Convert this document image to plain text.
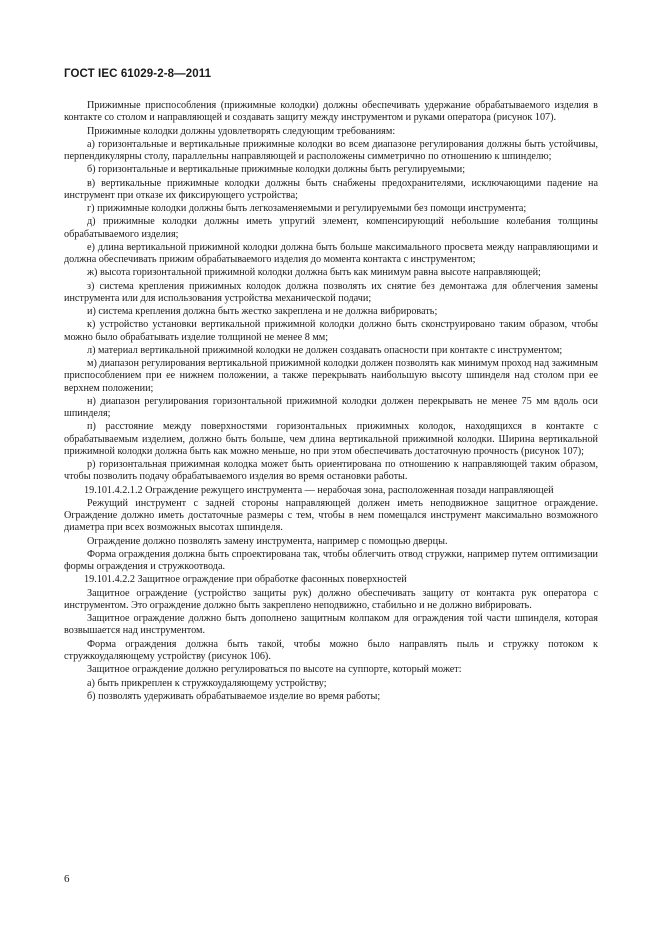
ГОСТ IEC 61029-2-8—2011

Прижимные приспособления (прижимные колодки) должны обеспечивать удержание обрабатываемого изделия в контакте со столом и направляющей и создавать защиту между инструментом и руками оператора (рисунок 107).

Прижимные колодки должны удовлетворять следующим требованиям:

а) горизонтальные и вертикальные прижимные колодки во всем диапазоне регулирования должны быть устойчивы, перпендикулярны столу, параллельны направляющей и расположены симметрично по отношению к шпинделю;

б) горизонтальные и вертикальные прижимные колодки должны быть регулируемыми;

в) вертикальные прижимные колодки должны быть снабжены предохранителями, исключающими падение на инструмент при отказе их фиксирующего устройства;

г) прижимные колодки должны быть легкозаменяемыми и регулируемыми без помощи инструмента;

д) прижимные колодки должны иметь упругий элемент, компенсирующий небольшие колебания толщины обрабатываемого изделия;

е) длина вертикальной прижимной колодки должна быть больше максимального просвета между направляющими и должна обеспечивать прижим обрабатываемого изделия до момента контакта с инструментом;

ж) высота горизонтальной прижимной колодки должна быть как минимум равна высоте направляющей;

з) система крепления прижимных колодок должна позволять их снятие без демонтажа для облегчения замены инструмента или для использования устройства механической подачи;

и) система крепления должна быть жестко закреплена и не должна вибрировать;

к) устройство установки вертикальной прижимной колодки должно быть сконструировано таким образом, чтобы можно было обрабатывать изделие толщиной не менее 8 мм;

л) материал вертикальной прижимной колодки не должен создавать опасности при контакте с инструментом;

м) диапазон регулирования вертикальной прижимной колодки должен позволять как минимум проход над зажимным приспособлением при ее нижнем положении, а также перекрывать наибольшую высоту шпинделя над столом при ее верхнем положении;

н) диапазон регулирования горизонтальной прижимной колодки должен перекрывать не менее 75 мм вдоль оси шпинделя;

п) расстояние между поверхностями горизонтальных прижимных колодок, находящихся в контакте с обрабатываемым изделием, должно быть больше, чем длина вертикальной прижимной колодки. Ширина вертикальной прижимной колодки должна быть как можно меньше, но при этом обеспечивать достаточную прочность (рисунок 107);

р) горизонтальная прижимная колодка может быть ориентирована по отношению к направляющей таким образом, чтобы позволить подачу обрабатываемого изделия во время остановки работы.

19.101.4.2.1.2 Ограждение режущего инструмента — нерабочая зона, расположенная позади направляющей

Режущий инструмент с задней стороны направляющей должен иметь неподвижное защитное ограждение. Ограждение должно иметь достаточные размеры с тем, чтобы в нем помещался инструмент максимально возможного диаметра при всех возможных высотах шпинделя.

Ограждение должно позволять замену инструмента, например с помощью дверцы.

Форма ограждения должна быть спроектирована так, чтобы облегчить отвод стружки, например путем оптимизации формы ограждения и стружкоотвода.

19.101.4.2.2 Защитное ограждение при обработке фасонных поверхностей

Защитное ограждение (устройство защиты рук) должно обеспечивать защиту от контакта рук оператора с инструментом. Это ограждение должно быть закреплено неподвижно, стабильно и не должно вибрировать.

Защитное ограждение должно быть дополнено защитным колпаком для ограждения той части шпинделя, которая возвышается над инструментом.

Форма ограждения должна быть такой, чтобы можно было направлять пыль и стружку потоком к стружкоудаляющему устройству (рисунок 106).

Защитное ограждение должно регулироваться по высоте на суппорте, который может:

а) быть прикреплен к стружкоудаляющему устройству;

б) позволять удерживать обрабатываемое изделие во время работы;

6
